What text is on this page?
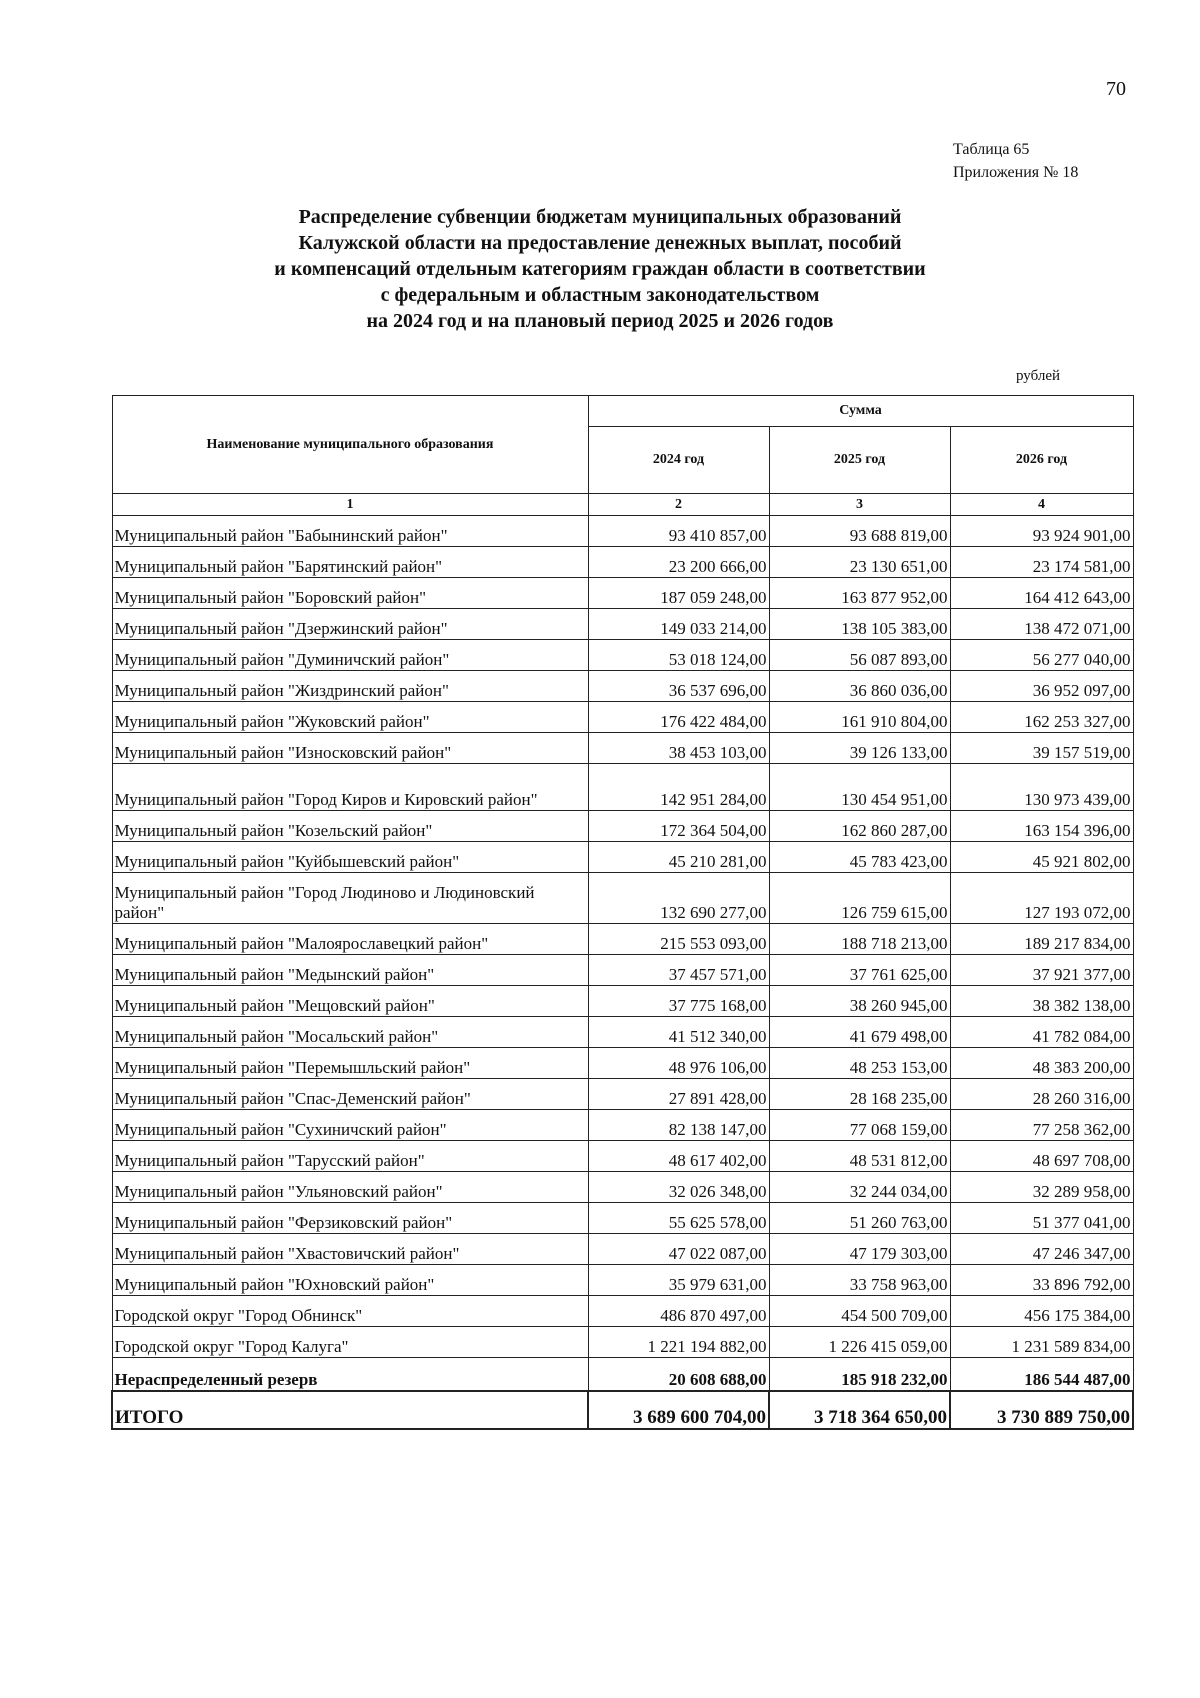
70
Таблица 65
Приложения № 18
Распределение субвенции бюджетам муниципальных образований
Калужской области на предоставление денежных выплат, пособий
и компенсаций отдельным категориям граждан области в соответствии
с федеральным и областным законодательством
на 2024 год и на плановый период 2025 и 2026 годов
рублей
Наименование муниципального образования	Сумма		
	2024 год	2025 год	2026 год
1	2	3	4
Муниципальный район "Бабынинский район"	93 410 857,00	93 688 819,00	93 924 901,00
Муниципальный район "Барятинский район"	23 200 666,00	23 130 651,00	23 174 581,00
Муниципальный район "Боровский район"	187 059 248,00	163 877 952,00	164 412 643,00
Муниципальный район "Дзержинский район"	149 033 214,00	138 105 383,00	138 472 071,00
Муниципальный район "Думиничский район"	53 018 124,00	56 087 893,00	56 277 040,00
Муниципальный район "Жиздринский район"	36 537 696,00	36 860 036,00	36 952 097,00
Муниципальный район "Жуковский район"	176 422 484,00	161 910 804,00	162 253 327,00
Муниципальный район "Износковский район"	38 453 103,00	39 126 133,00	39 157 519,00
Муниципальный район "Город Киров и Кировский район"	142 951 284,00	130 454 951,00	130 973 439,00
Муниципальный район "Козельский район"	172 364 504,00	162 860 287,00	163 154 396,00
Муниципальный район "Куйбышевский район"	45 210 281,00	45 783 423,00	45 921 802,00
Муниципальный район "Город Людиново и Людиновский район"	132 690 277,00	126 759 615,00	127 193 072,00
Муниципальный район "Малоярославецкий район"	215 553 093,00	188 718 213,00	189 217 834,00
Муниципальный район "Медынский район"	37 457 571,00	37 761 625,00	37 921 377,00
Муниципальный район "Мещовский район"	37 775 168,00	38 260 945,00	38 382 138,00
Муниципальный район "Мосальский район"	41 512 340,00	41 679 498,00	41 782 084,00
Муниципальный район "Перемышльский район"	48 976 106,00	48 253 153,00	48 383 200,00
Муниципальный район "Спас-Деменский район"	27 891 428,00	28 168 235,00	28 260 316,00
Муниципальный район "Сухиничский район"	82 138 147,00	77 068 159,00	77 258 362,00
Муниципальный район "Тарусский район"	48 617 402,00	48 531 812,00	48 697 708,00
Муниципальный район "Ульяновский район"	32 026 348,00	32 244 034,00	32 289 958,00
Муниципальный район "Ферзиковский район"	55 625 578,00	51 260 763,00	51 377 041,00
Муниципальный район "Хвастовичский район"	47 022 087,00	47 179 303,00	47 246 347,00
Муниципальный район "Юхновский район"	35 979 631,00	33 758 963,00	33 896 792,00
Городской округ "Город Обнинск"	486 870 497,00	454 500 709,00	456 175 384,00
Городской округ "Город Калуга"	1 221 194 882,00	1 226 415 059,00	1 231 589 834,00
Нераспределенный резерв	20 608 688,00	185 918 232,00	186 544 487,00
ИТОГО	3 689 600 704,00	3 718 364 650,00	3 730 889 750,00
